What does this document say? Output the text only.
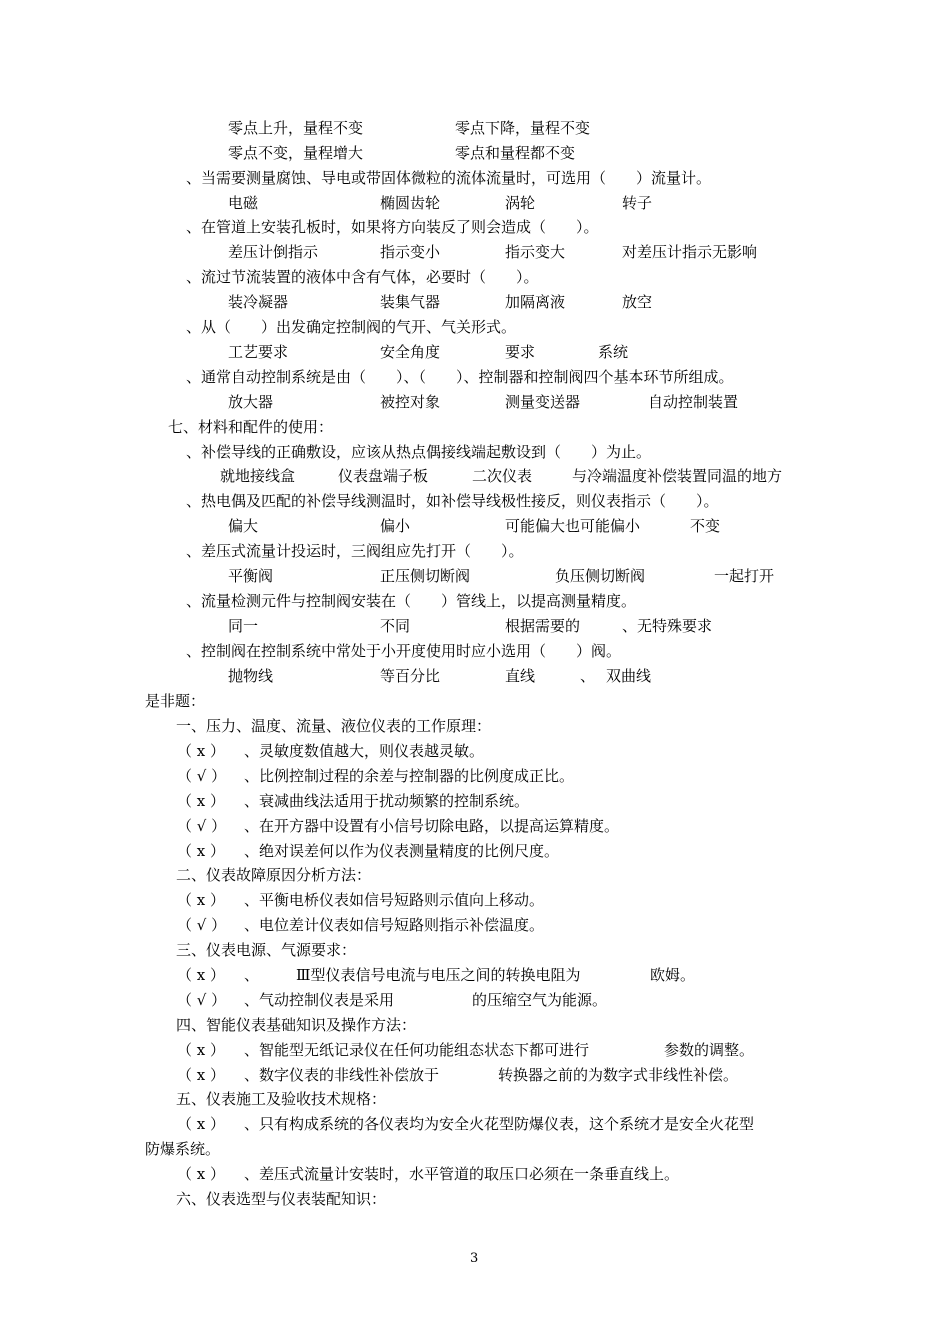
零点上升，量程不变	零点下降，量程不变
零点不变，量程增大	零点和量程都不变
、当需要测量腐蚀、导电或带固体微粒的流体流量时，可选用（　　）流量计。
电磁	椭圆齿轮	涡轮	转子
、在管道上安装孔板时，如果将方向装反了则会造成（　　）。
差压计倒指示	指示变小	指示变大	对差压计指示无影响
、流过节流装置的液体中含有气体，必要时（　　）。
装冷凝器	装集气器	加隔离液	放空
、从（　　）出发确定控制阀的气开、气关形式。
工艺要求	安全角度	要求	系统
、通常自动控制系统是由（　　）、（　　）、控制器和控制阀四个基本环节所组成。
放大器	被控对象	测量变送器	自动控制装置
七、材料和配件的使用：
、补偿导线的正确敷设，应该从热点偶接线端起敷设到（　　）为止。
就地接线盒	仪表盘端子板	二次仪表	与冷端温度补偿装置同温的地方
、热电偶及匹配的补偿导线测温时，如补偿导线极性接反，则仪表指示（　　）。
偏大	偏小	可能偏大也可能偏小	不变
、差压式流量计投运时，三阀组应先打开（　　）。
平衡阀	正压侧切断阀	负压侧切断阀	一起打开
、流量检测元件与控制阀安装在（　　）管线上，以提高测量精度。
同一	不同	根据需要的	、无特殊要求
、控制阀在控制系统中常处于小开度使用时应小选用（　　）阀。
抛物线	等百分比	直线	、 双曲线
是非题：
一、压力、温度、流量、液位仪表的工作原理：
（ x ） 、灵敏度数值越大，则仪表越灵敏。
（ √ ） 、比例控制过程的余差与控制器的比例度成正比。
（ x ） 、衰减曲线法适用于扰动频繁的控制系统。
（ √ ） 、在开方器中设置有小信号切除电路，以提高运算精度。
（ x ） 、绝对误差何以作为仪表测量精度的比例尺度。
二、仪表故障原因分析方法：
（ x ） 、平衡电桥仪表如信号短路则示值向上移动。
（ √ ） 、电位差计仪表如信号短路则指示补偿温度。
三、仪表电源、气源要求：
（ x ） 、 Ⅲ型仪表信号电流与电压之间的转换电阻为	欧姆。
（ √ ） 、气动控制仪表是采用	的压缩空气为能源。
四、智能仪表基础知识及操作方法：
（ x ） 、智能型无纸记录仪在任何功能组态状态下都可进行	参数的调整。
（ x ） 、数字仪表的非线性补偿放于	转换器之前的为数字式非线性补偿。
五、仪表施工及验收技术规格：
（ x ） 、只有构成系统的各仪表均为安全火花型防爆仪表，这个系统才是安全火花型
防爆系统。
（ x ） 、差压式流量计安装时，水平管道的取压口必须在一条垂直线上。
六、仪表选型与仪表装配知识：
3
